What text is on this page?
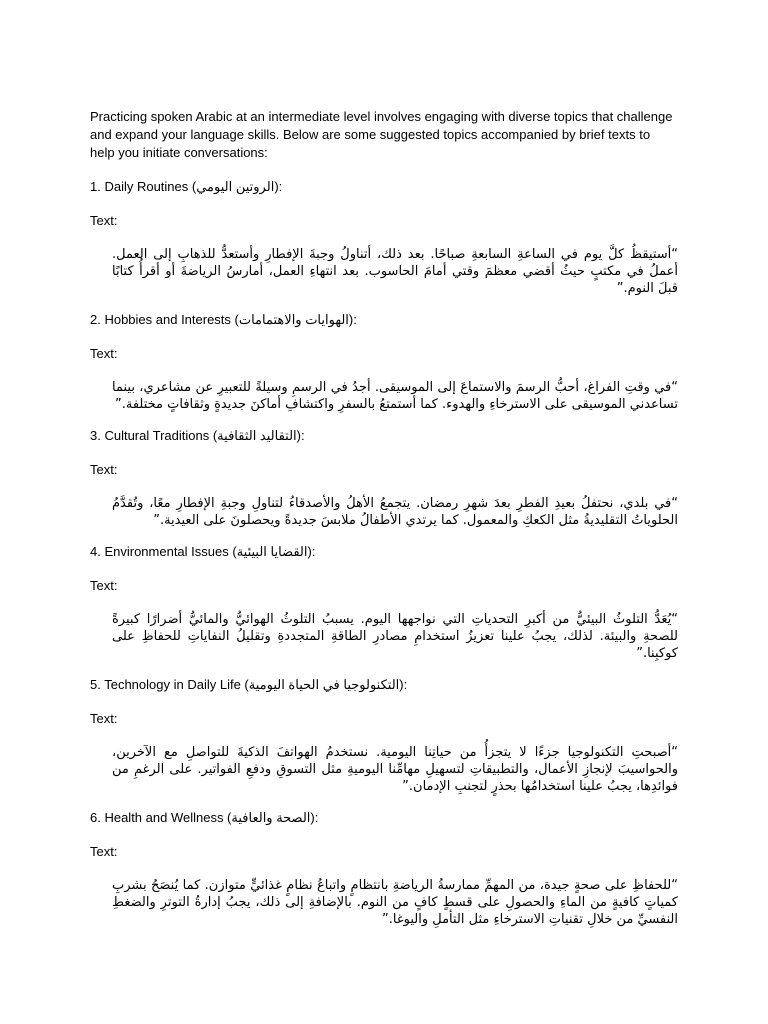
Practicing spoken Arabic at an intermediate level involves engaging with diverse topics that challenge and expand your language skills. Below are some suggested topics accompanied by brief texts to help you initiate conversations:

1. Daily Routines (الروتين اليومي):

Text:

“أستيقظُ كلَّ يوم في الساعةِ السابعةِ صباحًا. بعد ذلك، أتناولُ وجبةَ الإفطارِ وأستعدُّ للذهابِ إلى العمل. أعملُ في مكتبٍ حيثُ أقضي معظمَ وقتي أمامَ الحاسوب. بعد انتهاءِ العمل، أمارسُ الرياضةَ أو أقرأُ كتابًا قبلَ النوم.”

2. Hobbies and Interests (الهوايات والاهتمامات):

Text:

“في وقتِ الفراغ، أحبُّ الرسمَ والاستماعَ إلى الموسيقى. أجدُ في الرسمِ وسيلةً للتعبيرِ عن مشاعري، بينما تساعدني الموسيقى على الاسترخاءِ والهدوء. كما أستمتعُ بالسفرِ واكتشافِ أماكنَ جديدةٍ وثقافاتٍ مختلفة.”

3. Cultural Traditions (التقاليد الثقافية):

Text:

“في بلدي، نحتفلُ بعيدِ الفطرِ بعدَ شهرِ رمضان. يتجمعُ الأهلُ والأصدقاءُ لتناولِ وجبةِ الإفطارِ معًا، وتُقدَّمُ الحلوياتُ التقليديةُ مثل الكعكِ والمعمول. كما يرتدي الأطفالُ ملابسَ جديدةً ويحصلونَ على العيدية.”

4. Environmental Issues (القضايا البيئية):

Text:

“يُعَدُّ التلوثُ البيئيُّ من أكبرِ التحدياتِ التي نواجهها اليوم. يسببُ التلوثُ الهوائيُّ والمائيُّ أضرارًا كبيرةً للصحةِ والبيئة. لذلك، يجبُ علينا تعزيزُ استخدامِ مصادرِ الطاقةِ المتجددةِ وتقليلُ النفاياتِ للحفاظِ على كوكبِنا.”

5. Technology in Daily Life (التكنولوجيا في الحياة اليومية):

Text:

“أصبحتِ التكنولوجيا جزءًا لا يتجزأُ من حياتِنا اليومية. نستخدمُ الهواتفَ الذكيةَ للتواصلِ مع الآخرين، والحواسيبَ لإنجازِ الأعمال، والتطبيقاتِ لتسهيلِ مهامِّنا اليوميةِ مثل التسوقِ ودفعِ الفواتير. على الرغمِ من فوائدِها، يجبُ علينا استخدامُها بحذرٍ لتجنبِ الإدمان.”

6. Health and Wellness (الصحة والعافية):

Text:

“للحفاظِ على صحةٍ جيدة، من المهمِّ ممارسةُ الرياضةِ بانتظامٍ واتباعُ نظامٍ غذائيٍّ متوازن. كما يُنصَحُ بشربِ كمياتٍ كافيةٍ من الماءِ والحصولِ على قسطٍ كافٍ من النوم. بالإضافةِ إلى ذلك، يجبُ إدارةُ التوترِ والضغطِ النفسيِّ من خلالِ تقنياتِ الاسترخاءِ مثل التأملِ واليوغا.”
